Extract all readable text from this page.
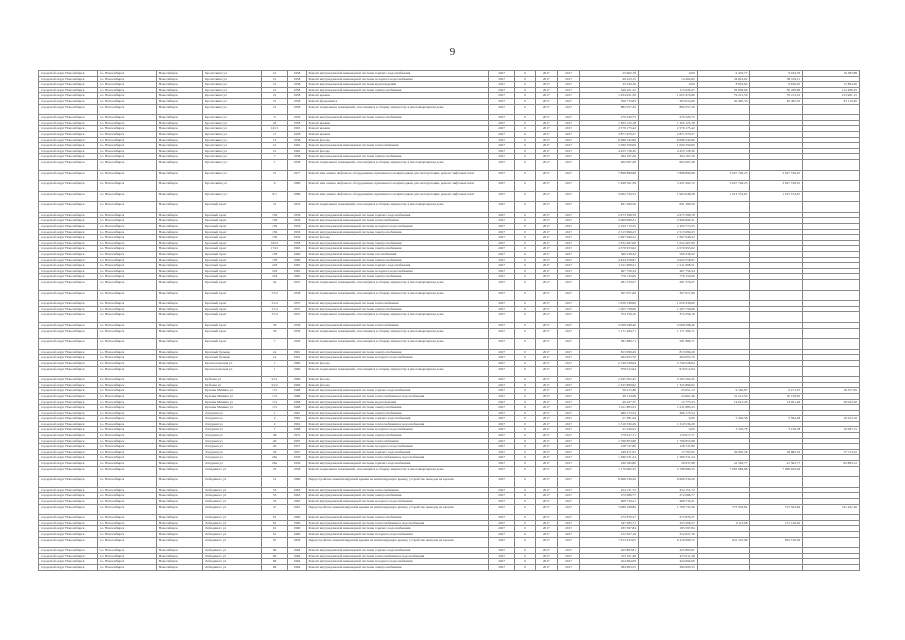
9
городской округ Новосибирск	г.о. Новосибирск	Новосибирск	Кропоткина ул	21	1958	Ремонт внутридомовой инженерной системы горячего водоснабжения	2027	0	2017	2017	25 602,76	0,00	9 433,77	9 034,79	19 385,88
городской округ Новосибирск	г.о. Новосибирск	Новосибирск	Кропоткина ул	21	1958	Ремонт внутридомовой инженерной системы холодного водоснабжения	2027	0	2017	2017	49 223,15	14 464,82	34 814,02	38 104,11	
городской округ Новосибирск	г.о. Новосибирск	Новосибирск	Кропоткина ул	21	1958	Ремонт внутридомовой инженерной системы водоотведения	2027	0	2017	2017	35 226,16	0,00	8 816,94	8 636,95	17 894,50
городской округ Новосибирск	г.о. Новосибирск	Новосибирск	Кропоткина ул	21	1958	Ремонт внутридомовой инженерной системы электроснабжения	2027	0	2017	2017	346 421,32	115 629,47	56 639,66	56 439,66	112 489,25
городской округ Новосибирск	г.о. Новосибирск	Новосибирск	Кропоткина ул	21	1958	Ремонт крыши	2027	0	2017	2017	1 634 931,58	1 005 474,89	79 215,50	78 213,10	153 961,15
городской округ Новосибирск	г.о. Новосибирск	Новосибирск	Кропоткина ул	21	1958	Ремонт фундамента	2027	0	2017	2017	356 770,83	363 614,90	40 495,35	40 495,35	81 110,40
городской округ Новосибирск	г.о. Новосибирск	Новосибирск	Кропоткина ул	21	1958	Ремонт подвальных помещений, относящихся к общему имуществу в многоквартирном доме	2027	0	2017	2017	882 057,29	882 057,29			
городской округ Новосибирск	г.о. Новосибирск	Новосибирск	Кропоткина ул	9	1934	Ремонт внутридомовой инженерной системы электроснабжения	2027	0	2017	2017	270 220,75	270 220,75			
городской округ Новосибирск	г.о. Новосибирск	Новосибирск	Кропоткина ул	20	1958	Ремонт крыши	2027	0	2017	2017	1 305 125,18	1 305 125,18			
городской округ Новосибирск	г.о. Новосибирск	Новосибирск	Кропоткина ул	141/1	1963	Ремонт крыши	2027	0	2017	2017	2 579 175,42	2 579 175,42			
городской округ Новосибирск	г.о. Новосибирск	Новосибирск	Кропоткина ул	11	1958	Ремонт крыши	2027	0	2017	2017	2 871 670,27	2 871 670,27			
городской округ Новосибирск	г.о. Новосибирск	Новосибирск	Кропоткина ул	13	1958	Ремонт фасада	2027	0	2017	2017	6 086 542,66	6 086 542,66			
городской округ Новосибирск	г.о. Новосибирск	Новосибирск	Кропоткина ул	21	1962	Ремонт внутридомовой инженерной системы теплоснабжения	2027	0	2017	2017	1 090 359,06	1 090 359,06			
городской округ Новосибирск	г.о. Новосибирск	Новосибирск	Кропоткина ул	21	1962	Ремонт фасада	2027	0	2017	2017	4 455 728,30	4 455 728,30			
городской округ Новосибирск	г.о. Новосибирск	Новосибирск	Кропоткина ул	7	1958	Ремонт внутридомовой инженерной системы электроснабжения	2027	0	2017	2017	364 167,26	364 167,26			
городской округ Новосибирск	г.о. Новосибирск	Новосибирск	Кропоткина ул	7	1958	Ремонт подвальных помещений, относящихся к общему имуществу в многоквартирном доме	2027	0	2017	2017	902 067,28	902 067,28			
городской округ Новосибирск	г.о. Новосибирск	Новосибирск	Кропоткина ул	21	1977	Ремонт или замена лифтового оборудования, признанного непригодным для эксплуатации, ремонт лифтовых шахт	2027	0	2017	2017	7 898 899,98	7 898 899,98	3 627 749,25	3 627 749,25	
городской округ Новосибирск	г.о. Новосибирск	Новосибирск	Кропоткина ул	9	1990	Ремонт или замена лифтового оборудования, признанного непригодным для эксплуатации, ремонт лифтовых шахт	2027	0	2017	2017	7 498 591,39	3 431 692,72	3 627 749,25	3 627 749,25	
городской округ Новосибирск	г.о. Новосибирск	Новосибирск	Кропоткина ул	9/1	1986	Ремонт или замена лифтового оборудования, признанного непригодным для эксплуатации, ремонт лифтовых шахт	2027	0	2017	2017	3 962 750,53	1 903 648,28	1 013 574,67	1 013 574,67	
городской округ Новосибирск	г.о. Новосибирск	Новосибирск	Красный пр-кт	31	1933	Ремонт подвальных помещений, относящихся к общему имуществу в многоквартирном доме	2027	0	2017	2017	841 369,56	841 369,56			
городской округ Новосибирск	г.о. Новосибирск	Новосибирск	Красный пр-кт	159	1956	Ремонт внутридомовой инженерной системы горячего водоснабжения	2027	0	2017	2017	2 673 398,78	2 673 398,78			
городской округ Новосибирск	г.о. Новосибирск	Новосибирск	Красный пр-кт	159	1956	Ремонт внутридомовой инженерной системы теплоснабжения	2027	0	2017	2017	2 969 999,31	2 969 999,31			
городской округ Новосибирск	г.о. Новосибирск	Новосибирск	Красный пр-кт	159	1956	Ремонт внутридомовой инженерной системы холодного водоснабжения	2027	0	2017	2017	2 164 713,25	2 164 713,25			
городской округ Новосибирск	г.о. Новосибирск	Новосибирск	Красный пр-кт	159	1956	Ремонт внутридомовой инженерной системы электроснабжения	2027	0	2017	2017	2 513 690,23	2 513 690,23			
городской округ Новосибирск	г.о. Новосибирск	Новосибирск	Красный пр-кт	159	1956	Ремонт фасада	2027	0	2017	2017	1 667 946,22	1 667 946,22			
городской округ Новосибирск	г.о. Новосибирск	Новосибирск	Красный пр-кт	163/1	1958	Ремонт внутридомовой инженерной системы электроснабжения	2027	0	2017	2017	1 052 467,00	1 052 467,00			
городской округ Новосибирск	г.о. Новосибирск	Новосибирск	Красный пр-кт	174/1	1963	Ремонт внутридомовой инженерной системы электроснабжения	2027	0	2017	2017	4 570 953,02	4 570 953,02			
городской округ Новосибирск	г.о. Новосибирск	Новосибирск	Красный пр-кт	178	1960	Ремонт внутридомовой инженерной системы газоснабжения	2027	0	2017	2017	560 238,32	560 238,32			
городской округ Новосибирск	г.о. Новосибирск	Новосибирск	Красный пр-кт	178	1960	Ремонт внутридомовой инженерной системы электроснабжения	2027	0	2017	2017	4 624 558,97	4 624 558,97			
городской округ Новосибирск	г.о. Новосибирск	Новосибирск	Красный пр-кт	218	1965	Ремонт внутридомовой инженерной системы горячего водоснабжения	2027	0	2017	2017	1 011 908,51	1 011 908,51			
городской округ Новосибирск	г.о. Новосибирск	Новосибирск	Красный пр-кт	218	1965	Ремонт внутридомовой инженерной системы холодного водоснабжения	2027	0	2017	2017	467 756,34	467 756,34			
городской округ Новосибирск	г.о. Новосибирск	Новосибирск	Красный пр-кт	218	1965	Ремонт внутридомовой инженерной системы электроснабжения	2027	0	2017	2017	776 150,09	776 150,09			
городской округ Новосибирск	г.о. Новосибирск	Новосибирск	Красный пр-кт	42	1937	Ремонт подвальных помещений, относящихся к общему имуществу в многоквартирном доме	2027	0	2017	2017	281 379,27	281 379,27			
городской округ Новосибирск	г.о. Новосибирск	Новосибирск	Красный пр-кт	51/2	1938	Ремонт подвальных помещений, относящихся к общему имуществу в многоквартирном доме	2027	0	2017	2017	307 971,69	307 971,69			
городской округ Новосибирск	г.о. Новосибирск	Новосибирск	Красный пр-кт	51/4	1937	Ремонт внутридомовой инженерной системы теплоснабжения	2027	0	2017	2017	1 050 338,60	1 050 338,60			
городской округ Новосибирск	г.о. Новосибирск	Новосибирск	Красный пр-кт	51/4	1937	Ремонт внутридомовой инженерной системы электроснабжения	2027	0	2017	2017	1 205 758,66	1 205 758,66			
городской округ Новосибирск	г.о. Новосибирск	Новосибирск	Красный пр-кт	51/4	1937	Ремонт подвальных помещений, относящихся к общему имуществу в многоквартирном доме	2027	0	2017	2017	374 356,10	374 356,10			
городской округ Новосибирск	г.о. Новосибирск	Новосибирск	Красный пр-кт	56	1939	Ремонт внутридомовой инженерной системы теплоснабжения	2027	0	2017	2017	2 068 298,40	2 068 298,40			
городской округ Новосибирск	г.о. Новосибирск	Новосибирск	Красный пр-кт	56	1939	Ремонт подвальных помещений, относящихся к общему имуществу в многоквартирном доме	2027	0	2017	2017	1 171 284,71	1 171 284,71			
городской округ Новосибирск	г.о. Новосибирск	Новосибирск	Красный пр-кт	7	1929	Ремонт подвальных помещений, относящихся к общему имуществу в многоквартирном доме	2027	0	2017	2017	581 889,71	581 889,71			
городской округ Новосибирск	г.о. Новосибирск	Новосибирск	Красный бульвар	2а	1961	Ремонт внутридомовой инженерной системы электроснабжения	2027	0	2017	2017	813 099,29	813 099,29			
городской округ Новосибирск	г.о. Новосибирск	Новосибирск	Красный бульвар	2а	1961	Ремонт внутридомовой инженерной системы холодного водоснабжения	2027	0	2017	2017	494 653,70	494 653,70			
городской округ Новосибирск	г.о. Новосибирск	Новосибирск	Красносельская ул	1	1960	Ремонт фасада	2027	0	2017	2017	2 749 528,64	2 749 528,64			
городской округ Новосибирск	г.о. Новосибирск	Новосибирск	Красносельская ул	1	1960	Ремонт подвальных помещений, относящихся к общему имуществу в многоквартирном доме	2027	0	2017	2017	979 012,64	979 012,64			
городской округ Новосибирск	г.о. Новосибирск	Новосибирск	Кубовая ул	91/1	1966	Ремонт фасада	2027	0	2017	2017	2 295 502,45	2 295 502,45			
городской округ Новосибирск	г.о. Новосибирск	Новосибирск	Кубовая ул	91/2	1990	Ремонт фасада	2027	0	2017	2017	1 325 869,62	1 325 869,62			
городской округ Новосибирск	г.о. Новосибирск	Новосибирск	Кузьмы Минина ул	17а	1968	Ремонт внутридомовой инженерной системы горячего водоснабжения	2027	0	2017	2017	30 213,86	25 651,13	9 162,87	9 151,07	18 357,95
городской округ Новосибирск	г.о. Новосибирск	Новосибирск	Кузьмы Минина ул	17а	1968	Ремонт внутридомовой инженерной системы теплоснабжения и водоснабжения	2027	0	2017	2017	48 134,09	24 661,46	31 213,50	30 158,95	
городской округ Новосибирск	г.о. Новосибирск	Новосибирск	Кузьмы Минина ул	17а	1968	Ремонт внутридомовой инженерной системы водоотведения	2027	0	2017	2017	40 427,57	12 775,53	14 021,26	14 021,26	28 042,56
городской округ Новосибирск	г.о. Новосибирск	Новосибирск	Кузьмы Минина ул	17а	1968	Ремонт внутридомовой инженерной системы электроснабжения	2027	0	2017	2017	1 011 883,23	1 011 883,23			
городской округ Новосибирск	г.о. Новосибирск	Новосибирск	Лазурная ул	1	1961	Ремонт внутридомовой инженерной системы электроснабжения	2027	0	2017	2017	486 175,54	486 175,54			
городской округ Новосибирск	г.о. Новосибирск	Новосибирск	Лазурная ул	2	1962	Ремонт внутридомовой инженерной системы горячего водоснабжения	2027	0	2017	2017	21 581,94	0,00	5 394,58	5 394,58	10 252,16
городской округ Новосибирск	г.о. Новосибирск	Новосибирск	Лазурная ул	2	1962	Ремонт внутридомовой инженерной системы теплоснабжения и водоснабжения	2027	0	2017	2017	1 310 536,29	1 310 536,29			
городской округ Новосибирск	г.о. Новосибирск	Новосибирск	Лазурная ул	7	1968	Ремонт внутридомовой инженерной системы холодного водоснабжения	2027	0	2017	2017	21 526,91	0,00	3 316,78	3 216,78	10 097,15
городской округ Новосибирск	г.о. Новосибирск	Новосибирск	Лазурная ул	48	1972	Ремонт внутридомовой инженерной системы электроснабжения	2027	0	2017	2017	179 617,71	179 617,71			
городской округ Новосибирск	г.о. Новосибирск	Новосибирск	Лазурная ул	40	1967	Ремонт внутридомовой инженерной системы теплоснабжения	2027	0	2017	2017	1 796 853,98	1 796 853,98			
городской округ Новосибирск	г.о. Новосибирск	Новосибирск	Лазурная ул	26	1957	Ремонт внутридомовой инженерной системы холодного водоснабжения	2027	0	2017	2017	128 747,80	128 747,80			
городской округ Новосибирск	г.о. Новосибирск	Новосибирск	Лазурная ул	26	1957	Ремонт внутридомовой инженерной системы горячего водоснабжения	2027	0	2017	2017	249 471,55	13 797,05	39 905,56	39 882,16	77 513,52
городской округ Новосибирск	г.о. Новосибирск	Новосибирск	Лазурная ул	26а	1959	Ремонт внутридомовой инженерной системы теплоснабжения и водоснабжения	2027	0	2017	2017	1 280 531,24	1 280 531,24			
городской округ Новосибирск	г.о. Новосибирск	Новосибирск	Лазурная ул	26а	1959	Ремонт внутридомовой инженерной системы горячего водоснабжения	2027	0	2017	2017	190 565,80	29 937,98	41 563,77	41 502,77	82 883,12
городской округ Новосибирск	г.о. Новосибирск	Новосибирск	Лебединого ул	22	1958	Ремонт подвальных помещений, относящихся к общему имуществу в многоквартирном доме	2027	0	2017	2017	1 170 982,35	2 798 989,35	7 693 684,98	7 099 926,94	
городской округ Новосибирск	г.о. Новосибирск	Новосибирск	Лебединого ул	21	1960	Переустройство невентилируемой крыши на вентилируемую крышу, устройство выходов на кровлю	2027	0	2017	2017	9 666 536,26	9 666 536,26			
городской округ Новосибирск	г.о. Новосибирск	Новосибирск	Лебединого ул	33	1963	Ремонт внутридомовой инженерной системы теплоснабжения	2027	0	2017	2017	454 151,72	454 151,72			
городской округ Новосибирск	г.о. Новосибирск	Новосибирск	Лебединого ул	33	1963	Ремонт внутридомовой инженерной системы электроснабжения	2027	0	2017	2017	272 086,77	272 086,77			
городской округ Новосибирск	г.о. Новосибирск	Новосибирск	Лебединого ул	33	1963	Ремонт внутридомовой инженерной системы холодного водоснабжения	2027	0	2017	2017	468 734,21	468 734,21			
городской округ Новосибирск	г.о. Новосибирск	Новосибирск	Лебединого ул	47	1961	Переустройство невентилируемой крыши на вентилируемую крышу, устройство выходов на кровлю	2027	0	2017	2017	5 980 168,86	1 708 735,36	573 593,82	573 593,82	741 447,26
городской округ Новосибирск	г.о. Новосибирск	Новосибирск	Лебединого ул	61	1960	Ремонт внутридомовой инженерной системы электроснабжения	2027	0	2017	2017	272 879,37	272 879,37			
городской округ Новосибирск	г.о. Новосибирск	Новосибирск	Лебединого ул	61	1960	Ремонт внутридомовой инженерной системы теплоснабжения и водоснабжения	2027	0	2017	2017	347 485,71	323 306,57	9 113,08	131 126,02	
городской округ Новосибирск	г.о. Новосибирск	Новосибирск	Лебединого ул	61	1960	Ремонт внутридомовой инженерной системы горячего водоснабжения	2027	0	2017	2017	183 597,84	183 597,84			
городской округ Новосибирск	г.о. Новосибирск	Новосибирск	Лебединого ул	61	1960	Ремонт внутридомовой инженерной системы холодного водоснабжения	2027	0	2017	2017	212 627,16	212 627,16			
городской округ Новосибирск	г.о. Новосибирск	Новосибирск	Лебединого ул	67	1959	Переустройство невентилируемой крыши на вентилируемую крышу, устройство выходов на кровлю	2027	0	2017	2017	7 913 433,05	6 418 086,72	641 107,96	852 518,36	
городской округ Новосибирск	г.о. Новосибирск	Новосибирск	Лебединого ул	69	1964	Ремонт внутридомовой инженерной системы горячего водоснабжения	2027	0	2017	2017	425 803,81	425 803,81			
городской округ Новосибирск	г.о. Новосибирск	Новосибирск	Лебединого ул	69	1964	Ремонт внутридомовой инженерной системы теплоснабжения и водоснабжения	2027	0	2017	2017	475 911,48	475 911,48			
городской округ Новосибирск	г.о. Новосибирск	Новосибирск	Лебединого ул	69	1964	Ремонт внутридомовой инженерной системы холодного водоснабжения	2027	0	2017	2017	424 694,09	424 694,09			
городской округ Новосибирск	г.о. Новосибирск	Новосибирск	Лебединого ул	69	1964	Ремонт внутридомовой инженерной системы электроснабжения	2027	0	2017	2017	384 993,55	384 993,55			
